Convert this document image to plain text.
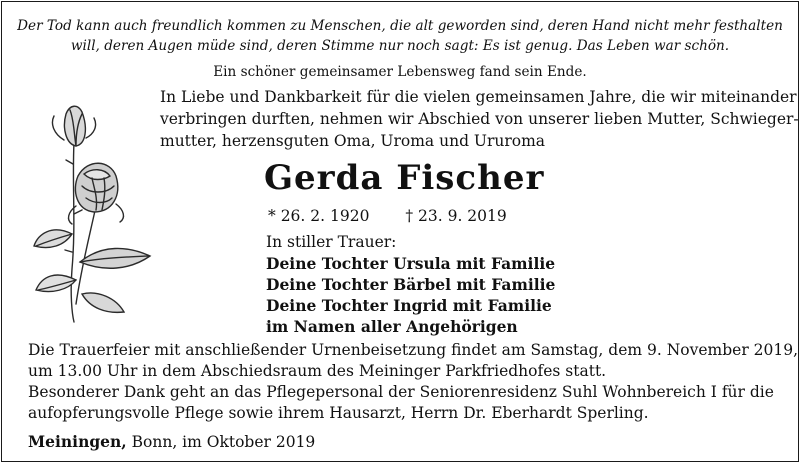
Der Tod kann auch freundlich kommen zu Menschen, die alt geworden sind, deren Hand nicht mehr festhalten
will, deren Augen müde sind, deren Stimme nur noch sagt: Es ist genug. Das Leben war schön.
Ein schöner gemeinsamer Lebensweg fand sein Ende.
In Liebe und Dankbarkeit für die vielen gemeinsamen Jahre, die wir miteinander
verbringen durften, nehmen wir Abschied von unserer lieben Mutter, Schwieger-
mutter, herzensguten Oma, Uroma und Ururoma
Gerda Fischer
* 26. 2. 1920 † 23. 9. 2019
In stiller Trauer:
Deine Tochter Ursula mit Familie
Deine Tochter Bärbel mit Familie
Deine Tochter Ingrid mit Familie
im Namen aller Angehörigen
Die Trauerfeier mit anschließender Urnenbeisetzung findet am Samstag, dem 9. November 2019,
um 13.00 Uhr in dem Abschiedsraum des Meininger Parkfriedhofes statt.
Besonderer Dank geht an das Pflegepersonal der Seniorenresidenz Suhl Wohnbereich I für die
aufopferungsvolle Pflege sowie ihrem Hausarzt, Herrn Dr. Eberhardt Sperling.
Meiningen, Bonn, im Oktober 2019
